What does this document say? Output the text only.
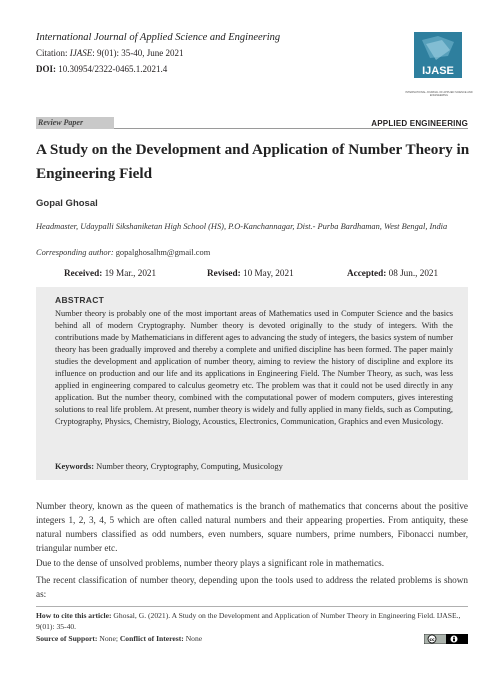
International Journal of Applied Science and Engineering
Citation: IJASE: 9(01): 35-40, June 2021
DOI: 10.30954/2322-0465.1.2021.4	IJASE
INTERNATIONAL JOURNAL OF APPLIED SCIENCE AND ENGINEERING
Review Paper	APPLIED ENGINEERING
A Study on the Development and Application of Number Theory in Engineering Field
Gopal Ghosal
Headmaster, Udaypalli Sikshaniketan High School (HS), P.O-Kanchannagar, Dist.- Purba Bardhaman, West Bengal, India
Corresponding author: gopalghosalhm@gmail.com
Received: 19 Mar., 2021	Revised: 10 May, 2021	Accepted: 08 Jun., 2021
ABSTRACT
Number theory is probably one of the most important areas of Mathematics used in Computer Science and the basics behind all of modern Cryptography. Number theory is devoted originally to the study of integers. With the contributions made by Mathematicians in different ages to advancing the study of integers, the basics system of number theory has been gradually improved and thereby a complete and unified discipline has been formed. The paper mainly studies the development and application of number theory, aiming to review the history of discipline and explore its influence on production and our life and its applications in Engineering Field. The Number Theory, as such, was less applied in engineering compared to calculus geometry etc. The problem was that it could not be used directly in any application. But the number theory, combined with the computational power of modern computers, gives interesting solutions to real life problem. At present, number theory is widely and fully applied in many fields, such as Computing, Cryptography, Physics, Chemistry, Biology, Acoustics, Electronics, Communication, Graphics and even Musicology.
Keywords: Number theory, Cryptography, Computing, Musicology
Number theory, known as the queen of mathematics is the branch of mathematics that concerns about the positive integers 1, 2, 3, 4, 5 which are often called natural numbers and their appearing properties. From antiquity, these natural numbers classified as odd numbers, even numbers, square numbers, prime numbers, Fibonacci number, triangular number etc.
Due to the dense of unsolved problems, number theory plays a significant role in mathematics.
The recent classification of number theory, depending upon the tools used to address the related problems is shown as:
How to cite this article: Ghosal, G. (2021). A Study on the Development and Application of Number Theory in Engineering Field. IJASE., 9(01): 35-40.
Source of Support: None; Conflict of Interest: None	cc
